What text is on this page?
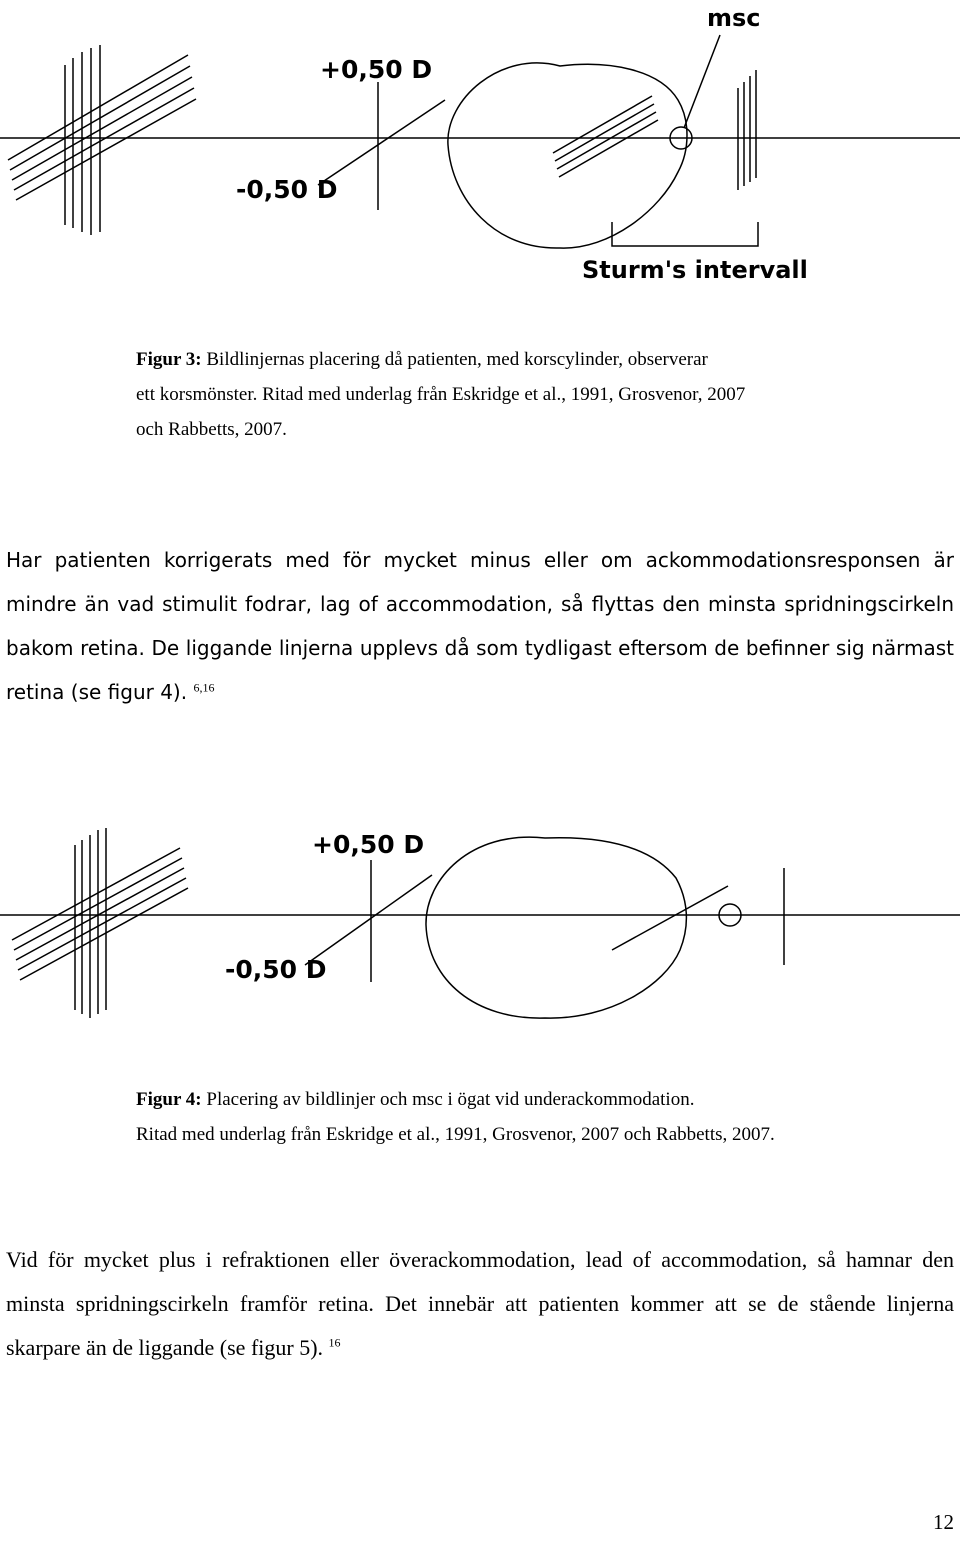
+0,50 D
-0,50 D
msc
Sturm's intervall
Figur 3: Bildlinjernas placering då patienten, med korscylinder, observerar
ett korsmönster. Ritad med underlag från Eskridge et al., 1991, Grosvenor, 2007
och Rabbetts, 2007.
Har patienten korrigerats med för mycket minus eller om ackommodationsresponsen är mindre än vad stimulit fodrar, lag of accommodation, så flyttas den minsta spridningscirkeln bakom retina. De liggande linjerna upplevs då som tydligast eftersom de befinner sig närmast retina (se figur 4). $^{6,16}$
+0,50 D
-0,50 D
Figur 4: Placering av bildlinjer och msc i ögat vid underackommodation.
Ritad med underlag från Eskridge et al., 1991, Grosvenor, 2007 och Rabbetts, 2007.
Vid för mycket plus i refraktionen eller överackommodation, lead of accommodation, så hamnar den minsta spridningscirkeln framför retina. Det innebär att patienten kommer att se de stående linjerna skarpare än de liggande (se figur 5). $^{16}$
12
